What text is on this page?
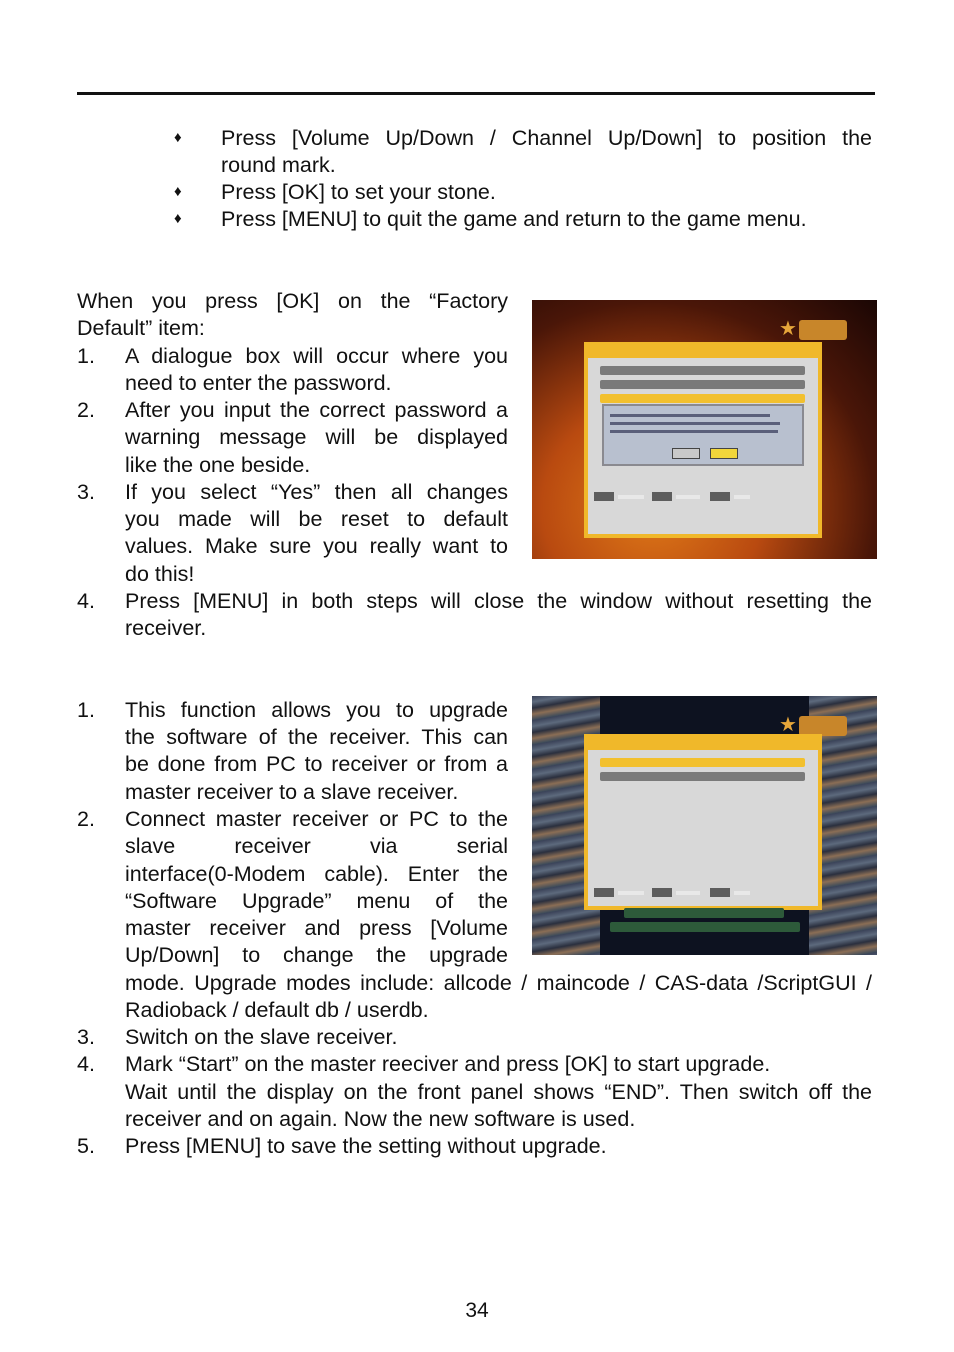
♦	Press [Volume Up/Down / Channel Up/Down] to position the
round mark.
♦	Press [OK] to set your stone.
♦	Press [MENU] to quit the game and return to the game menu.
When you press [OK] on the “Factory
Default” item:
1. A dialogue box will occur where you
need to enter the password.
2. After you input the correct password a
warning message will be displayed
like the one beside.
3. If you select “Yes” then all changes
you made will be reset to default
values. Make sure you really want to
do this!
4. Press [MENU] in both steps will close the window without resetting the
receiver.
★
1. This function allows you to upgrade
the software of the receiver. This can
be done from PC to receiver or from a
master receiver to a slave receiver.
2. Connect master receiver or PC to the
slave receiver via serial
interface(0-Modem cable). Enter the
“Software Upgrade” menu of the
master receiver and press [Volume
Up/Down] to change the upgrade
mode. Upgrade modes include: allcode / maincode / CAS-data /ScriptGUI /
Radioback / default db / userdb.
3. Switch on the slave receiver.
4. Mark “Start” on the master reeciver and press [OK] to start upgrade.
Wait until the display on the front panel shows “END”. Then switch off the
receiver and on again. Now the new software is used.
5. Press [MENU] to save the setting without upgrade.
★
34
